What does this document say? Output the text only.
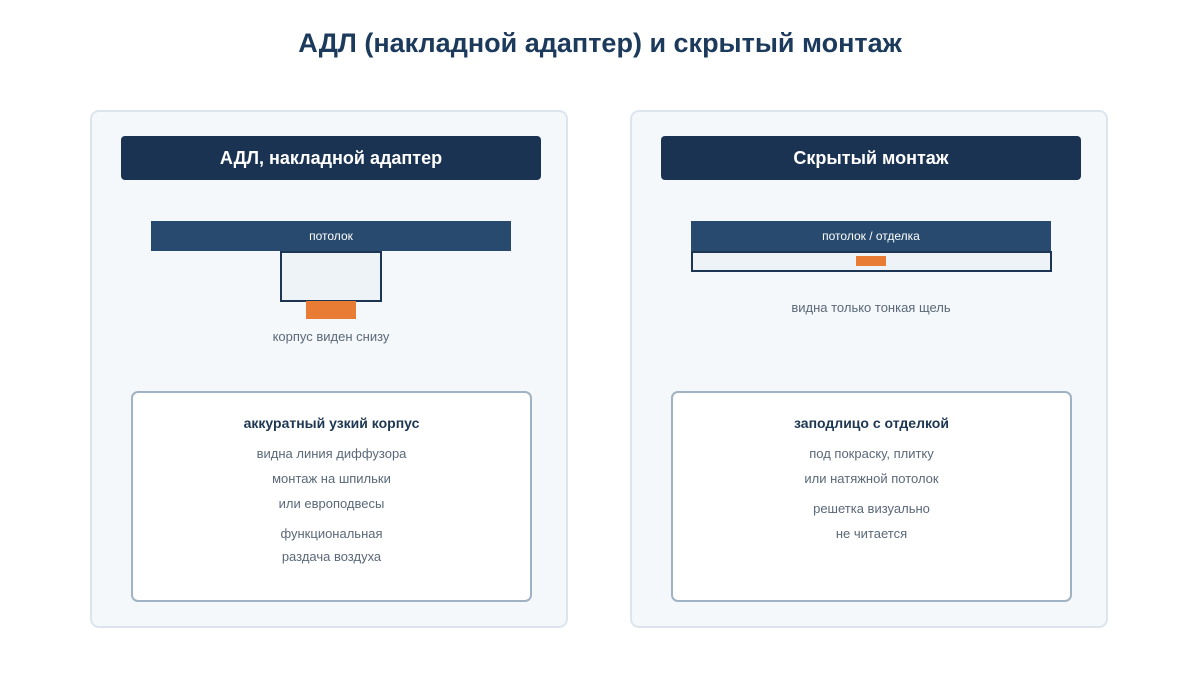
АДЛ (накладной адаптер) и скрытый монтаж
АДЛ, накладной адаптер
потолок
корпус виден снизу
аккуратный узкий корпус
видна линия диффузора
монтаж на шпильки
или европодвесы
функциональная
раздача воздуха
Скрытый монтаж
потолок / отделка
видна только тонкая щель
заподлицо с отделкой
под покраску, плитку
или натяжной потолок
решетка визуально
не читается
